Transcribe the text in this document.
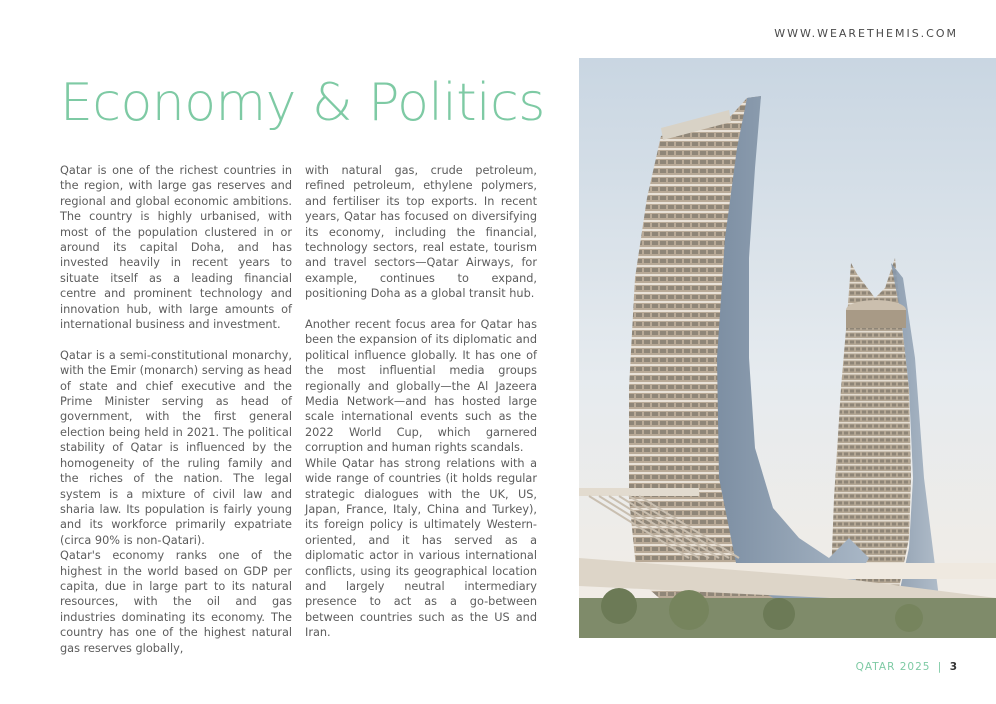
WWW.WEARETHEMIS.COM
Economy & Politics

Qatar is one of the richest countries in the region, with large gas reserves and regional and global economic ambitions. The country is highly urbanised, with most of the population clustered in or around its capital Doha, and has invested heavily in recent years to situate itself as a leading financial centre and prominent technology and innovation hub, with large amounts of international business and investment.

Qatar is a semi-constitutional monarchy, with the Emir (monarch) serving as head of state and chief executive and the Prime Minister serving as head of government, with the first general election being held in 2021. The political stability of Qatar is influenced by the homogeneity of the ruling family and the riches of the nation. The legal system is a mixture of civil law and sharia law. Its population is fairly young and its workforce primarily expatriate (circa 90% is non-Qatari).

Qatar's economy ranks one of the highest in the world based on GDP per capita, due in large part to its natural resources, with the oil and gas industries dominating its economy. The country has one of the highest natural gas reserves globally,

with natural gas, crude petroleum, refined petroleum, ethylene polymers, and fertiliser its top exports. In recent years, Qatar has focused on diversifying its economy, including the financial, technology sectors, real estate, tourism and travel sectors—Qatar Airways, for example, continues to expand, positioning Doha as a global transit hub.

Another recent focus area for Qatar has been the expansion of its diplomatic and political influence globally. It has one of the most influential media groups regionally and globally—the Al Jazeera Media Network—and has hosted large scale international events such as the 2022 World Cup, which garnered corruption and human rights scandals.

While Qatar has strong relations with a wide range of countries (it holds regular strategic dialogues with the UK, US, Japan, France, Italy, China and Turkey), its foreign policy is ultimately Western-oriented, and it has served as a diplomatic actor in various international conflicts, using its geographical location and largely neutral intermediary presence to act as a go-between between countries such as the US and Iran.

QATAR 2025 | 3
